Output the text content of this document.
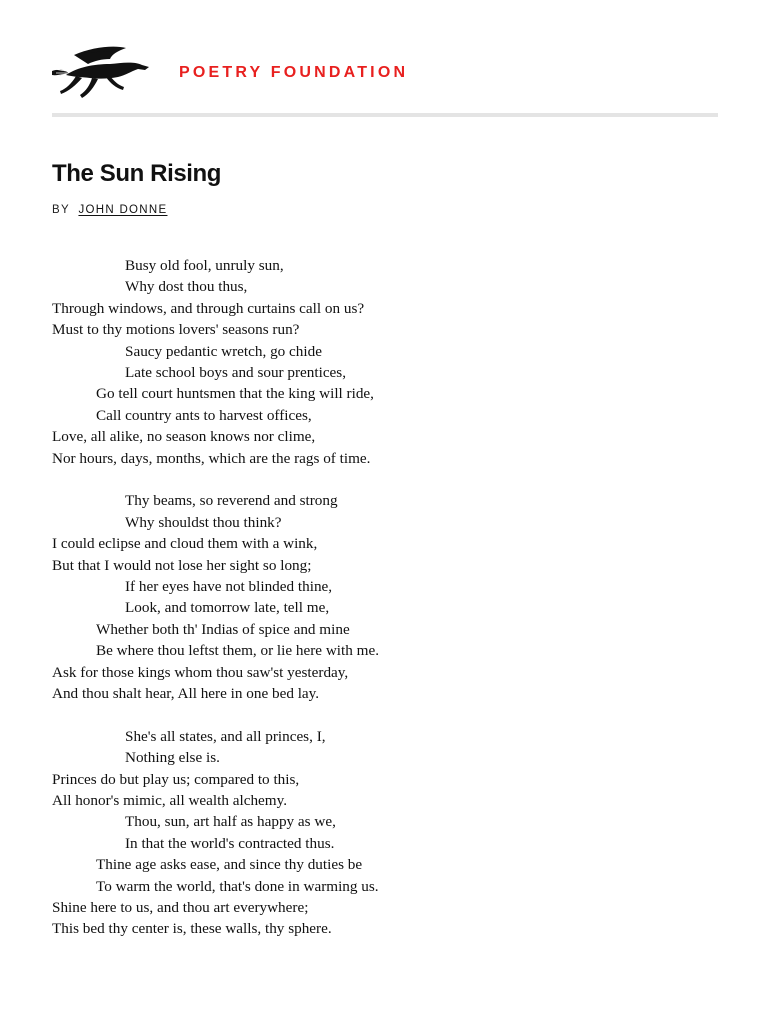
POETRY FOUNDATION
The Sun Rising
BY JOHN DONNE
Busy old fool, unruly sun,
Why dost thou thus,
Through windows, and through curtains call on us?
Must to thy motions lovers' seasons run?
Saucy pedantic wretch, go chide
Late school boys and sour prentices,
Go tell court huntsmen that the king will ride,
Call country ants to harvest offices,
Love, all alike, no season knows nor clime,
Nor hours, days, months, which are the rags of time.
Thy beams, so reverend and strong
Why shouldst thou think?
I could eclipse and cloud them with a wink,
But that I would not lose her sight so long;
If her eyes have not blinded thine,
Look, and tomorrow late, tell me,
Whether both th' Indias of spice and mine
Be where thou leftst them, or lie here with me.
Ask for those kings whom thou saw'st yesterday,
And thou shalt hear, All here in one bed lay.
She's all states, and all princes, I,
Nothing else is.
Princes do but play us; compared to this,
All honor's mimic, all wealth alchemy.
Thou, sun, art half as happy as we,
In that the world's contracted thus.
Thine age asks ease, and since thy duties be
To warm the world, that's done in warming us.
Shine here to us, and thou art everywhere;
This bed thy center is, these walls, thy sphere.
